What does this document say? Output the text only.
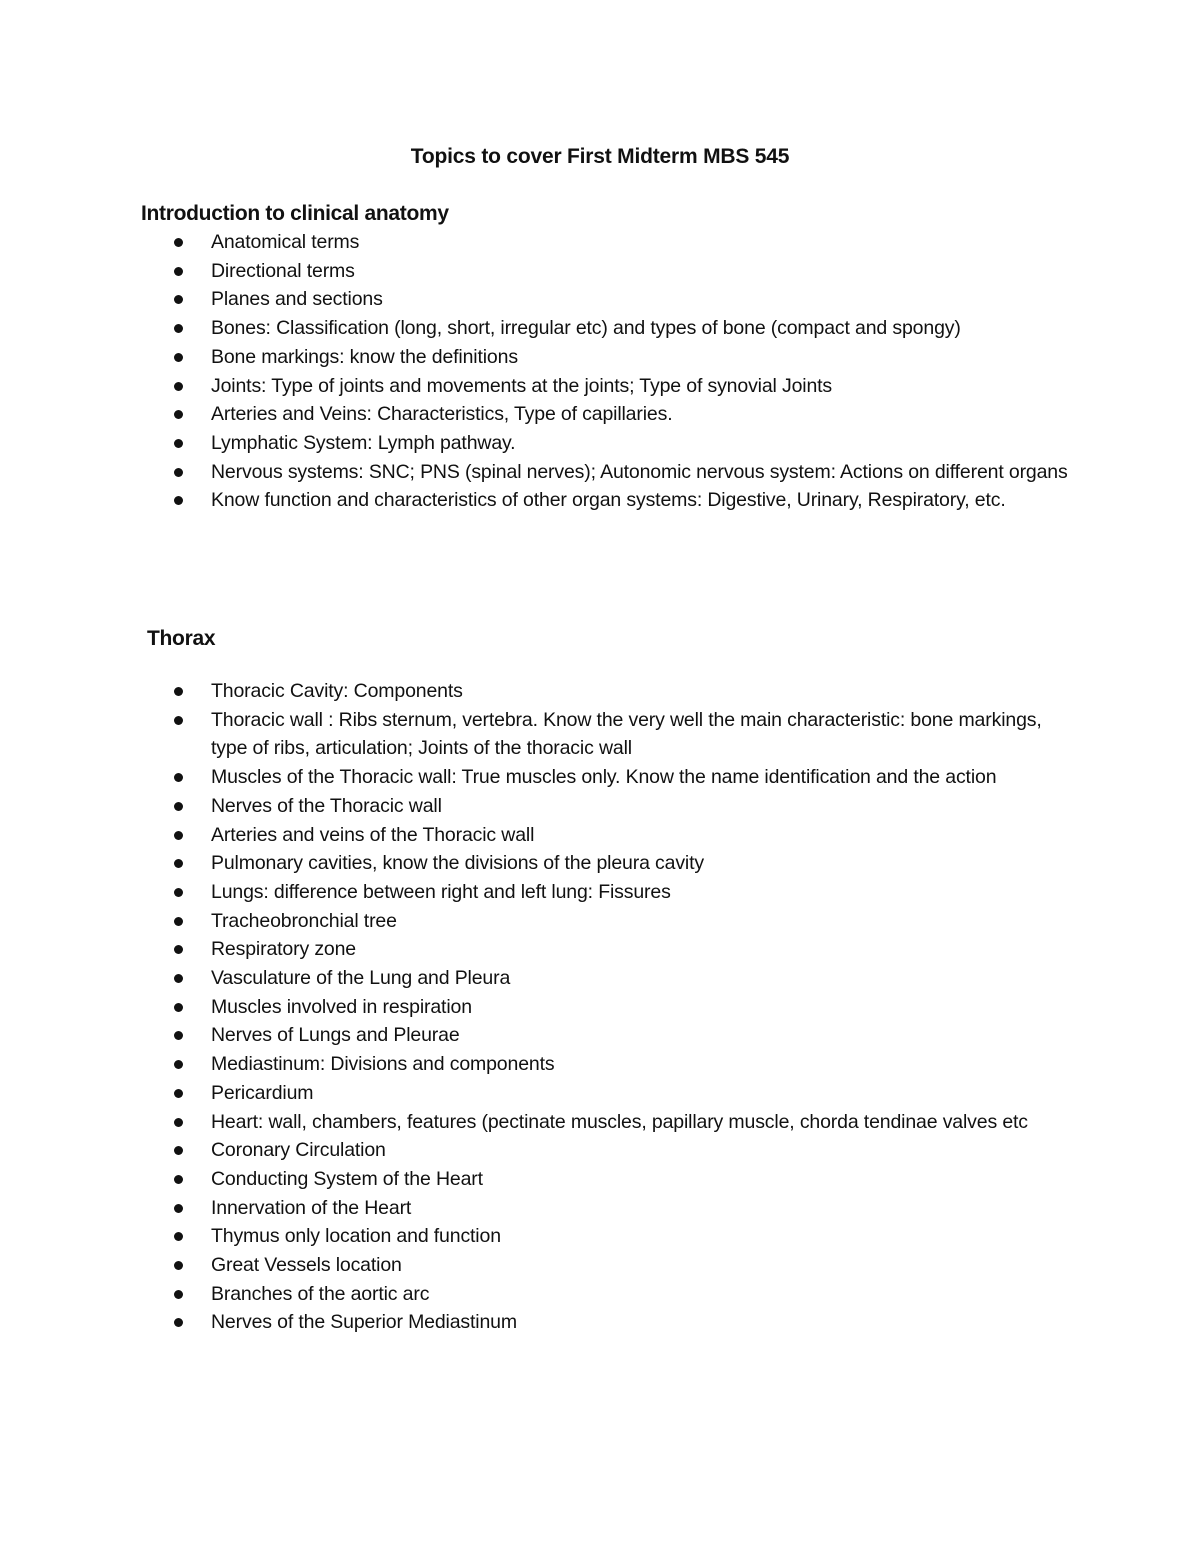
Topics to cover First Midterm MBS 545
Introduction to clinical anatomy
Anatomical terms
Directional terms
Planes and sections
Bones: Classification (long, short, irregular etc) and types of bone (compact and spongy)
Bone markings: know the definitions
Joints: Type of joints and movements at the joints; Type of synovial Joints
Arteries and Veins: Characteristics, Type of capillaries.
Lymphatic System: Lymph pathway.
Nervous systems: SNC; PNS (spinal nerves); Autonomic nervous system: Actions on different organs
Know function and characteristics of other organ systems: Digestive, Urinary, Respiratory, etc.
Thorax
Thoracic Cavity: Components
Thoracic wall : Ribs sternum, vertebra. Know the very well the main characteristic: bone markings, type of ribs, articulation; Joints of the thoracic wall
Muscles of the Thoracic wall: True muscles only. Know the name identification and the action
Nerves of the Thoracic wall
Arteries and veins of the Thoracic wall
Pulmonary cavities, know the divisions of the pleura cavity
Lungs: difference between right and left lung: Fissures
Tracheobronchial tree
Respiratory zone
Vasculature of the Lung and Pleura
Muscles involved in respiration
Nerves of Lungs and Pleurae
Mediastinum: Divisions and components
Pericardium
Heart: wall, chambers, features (pectinate muscles, papillary muscle, chorda tendinae valves etc
Coronary Circulation
Conducting System of the Heart
Innervation of the Heart
Thymus only location and function
Great Vessels location
Branches of the aortic arc
Nerves of the Superior Mediastinum
